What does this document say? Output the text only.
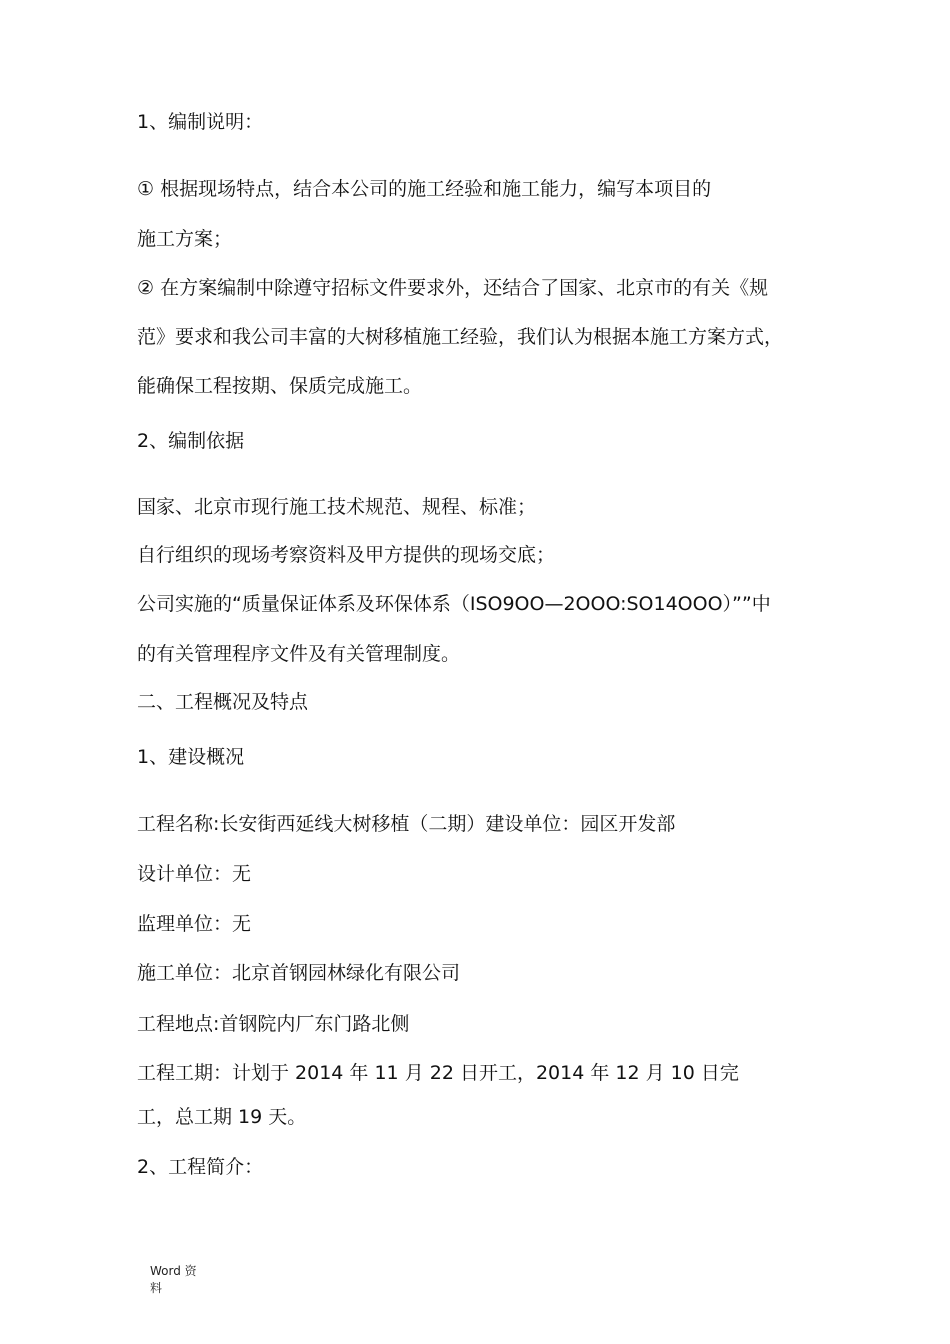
1、编制说明：
① 根据现场特点，结合本公司的施工经验和施工能力，编写本项目的
施工方案；
② 在方案编制中除遵守招标文件要求外，还结合了国家、北京市的有关《规
范》要求和我公司丰富的大树移植施工经验，我们认为根据本施工方案方式，
能确保工程按期、保质完成施工。
2、编制依据
国家、北京市现行施工技术规范、规程、标准；
自行组织的现场考察资料及甲方提供的现场交底；
公司实施的“质量保证体系及环保体系（ISO9OO—2OOO:SO14OOO）””中
的有关管理程序文件及有关管理制度。
二、工程概况及特点
1、建设概况
工程名称:长安街西延线大树移植（二期）建设单位：园区开发部
设计单位：无
监理单位：无
施工单位：北京首钢园林绿化有限公司
工程地点:首钢院内厂东门路北侧
工程工期：计划于 2014 年 11 月 22 日开工，2014 年 12 月 10 日完
工，总工期 19 天。
2、工程简介：
Word 资
料
